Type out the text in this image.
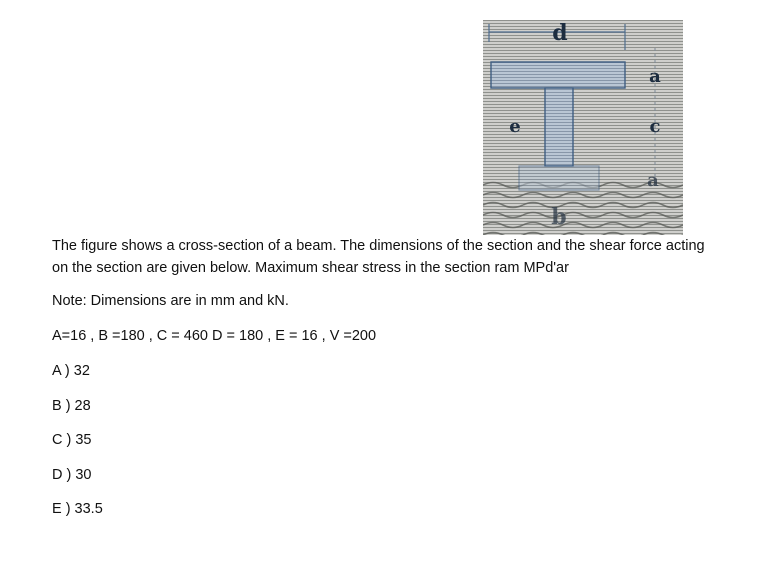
d
a
e	c
a
b
The figure shows a cross-section of a beam. The dimensions of the section and the shear force acting
on the section are given below. Maximum shear stress in the section ram MPd'ar
Note: Dimensions are in mm and kN.
A=16 , B =180 , C = 460 D = 180 , E = 16 , V =200
A ) 32
B ) 28
C ) 35
D ) 30
E ) 33.5
